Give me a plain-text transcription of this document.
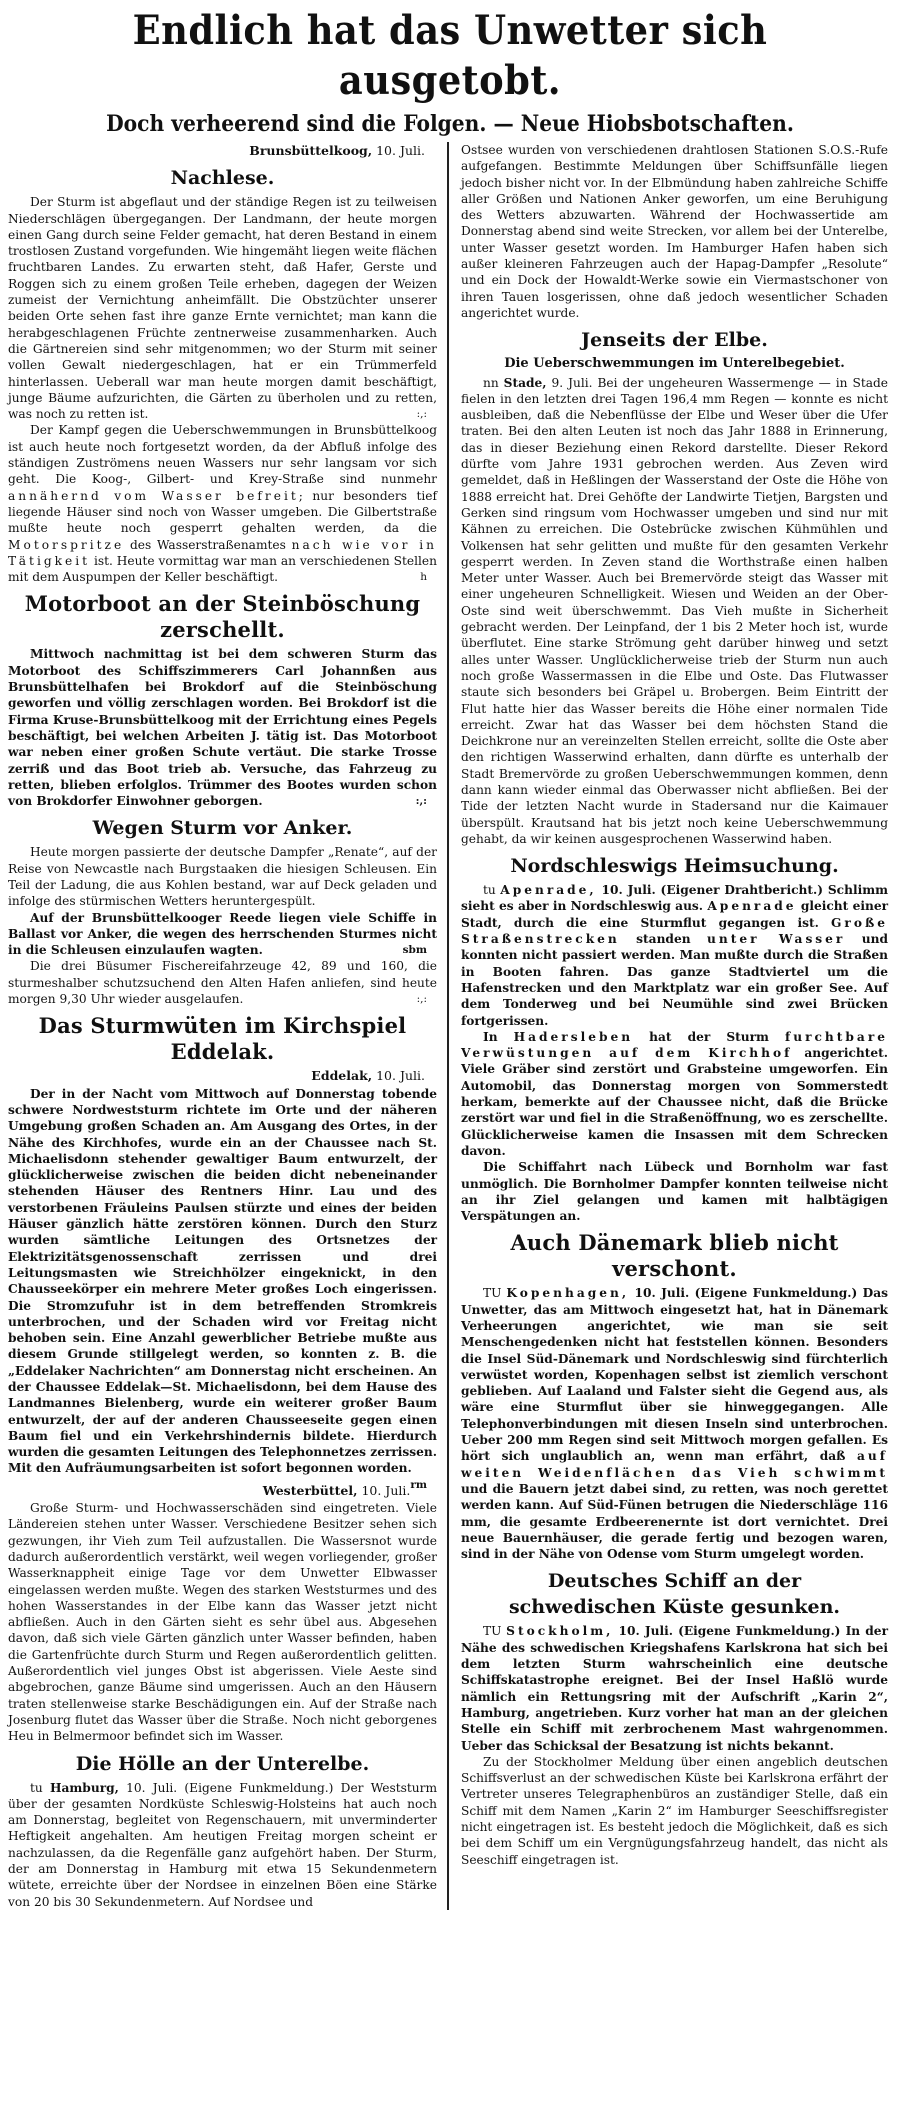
Endlich hat das Unwetter sich ausgetobt.
Doch verheerend sind die Folgen. — Neue Hiobsbotschaften.
Brunsbüttelkoog, 10. Juli.
Nachlese.

Der Sturm ist abgeflaut und der ständige Regen ist zu teilweisen Niederschlägen übergegangen. Der Landmann, der heute morgen einen Gang durch seine Felder gemacht, hat deren Bestand in einem trostlosen Zustand vorgefunden. Wie hingemäht liegen weite flächen fruchtbaren Landes. Zu erwarten steht, daß Hafer, Gerste und Roggen sich zu einem großen Teile erheben, dagegen der Weizen zumeist der Vernichtung anheimfällt. Die Obstzüchter unserer beiden Orte sehen fast ihre ganze Ernte vernichtet; man kann die herabgeschlagenen Früchte zentnerweise zusammenharken. Auch die Gärtnereien sind sehr mitgenommen; wo der Sturm mit seiner vollen Gewalt niedergeschlagen, hat er ein Trümmerfeld hinterlassen. Ueberall war man heute morgen damit beschäftigt, junge Bäume aufzurichten, die Gärten zu überholen und zu retten, was noch zu retten ist.	:,:

Der Kampf gegen die Ueberschwemmungen in Brunsbüttelkoog ist auch heute noch fortgesetzt worden, da der Abfluß infolge des ständigen Zuströmens neuen Wassers nur sehr langsam vor sich geht. Die Koog-, Gilbert- und Krey-Straße sind nunmehr annähernd vom Wasser befreit; nur besonders tief liegende Häuser sind noch von Wasser umgeben. Die Gilbertstraße mußte heute noch gesperrt gehalten werden, da die Motorspritze des Wasserstraßenamtes nach wie vor in Tätigkeit ist. Heute vormittag war man an verschiedenen Stellen mit dem Auspumpen der Keller beschäftigt.	h

Motorboot an der Steinböschung zerschellt.

Mittwoch nachmittag ist bei dem schweren Sturm das Motorboot des Schiffszimmerers Carl Johannßen aus Brunsbüttelhafen bei Brokdorf auf die Steinböschung geworfen und völlig zerschlagen worden. Bei Brokdorf ist die Firma Kruse-Brunsbüttelkoog mit der Errichtung eines Pegels beschäftigt, bei welchen Arbeiten J. tätig ist. Das Motorboot war neben einer großen Schute vertäut. Die starke Trosse zerriß und das Boot trieb ab. Versuche, das Fahrzeug zu retten, blieben erfolglos. Trümmer des Bootes wurden schon von Brokdorfer Einwohner geborgen.	:,:

Wegen Sturm vor Anker.

Heute morgen passierte der deutsche Dampfer „Renate“, auf der Reise von Newcastle nach Burgstaaken die hiesigen Schleusen. Ein Teil der Ladung, die aus Kohlen bestand, war auf Deck geladen und infolge des stürmischen Wetters heruntergespült.

Auf der Brunsbüttelkooger Reede liegen viele Schiffe in Ballast vor Anker, die wegen des herrschenden Sturmes nicht in die Schleusen einzulaufen wagten.	sbm

Die drei Büsumer Fischereifahrzeuge 42, 89 und 160, die sturmeshalber schutzsuchend den Alten Hafen anliefen, sind heute morgen 9,30 Uhr wieder ausgelaufen.	:,:

Das Sturmwüten im Kirchspiel Eddelak.
Eddelak, 10. Juli.

Der in der Nacht vom Mittwoch auf Donnerstag tobende schwere Nordweststurm richtete im Orte und der näheren Umgebung großen Schaden an. Am Ausgang des Ortes, in der Nähe des Kirchhofes, wurde ein an der Chaussee nach St. Michaelisdonn stehender gewaltiger Baum entwurzelt, der glücklicherweise zwischen die beiden dicht nebeneinander stehenden Häuser des Rentners Hinr. Lau und des verstorbenen Fräuleins Paulsen stürzte und eines der beiden Häuser gänzlich hätte zerstören können. Durch den Sturz wurden sämtliche Leitungen des Ortsnetzes der Elektrizitätsgenossenschaft zerrissen und drei Leitungsmasten wie Streichhölzer eingeknickt, in den Chausseekörper ein mehrere Meter großes Loch eingerissen. Die Stromzufuhr ist in dem betreffenden Stromkreis unterbrochen, und der Schaden wird vor Freitag nicht behoben sein. Eine Anzahl gewerblicher Betriebe mußte aus diesem Grunde stillgelegt werden, so konnten z. B. die „Eddelaker Nachrichten“ am Donnerstag nicht erscheinen. An der Chaussee Eddelak—St. Michaelisdonn, bei dem Hause des Landmannes Bielenberg, wurde ein weiterer großer Baum entwurzelt, der auf der anderen Chausseeseite gegen einen Baum fiel und ein Verkehrshindernis bildete. Hierdurch wurden die gesamten Leitungen des Telephonnetzes zerrissen. Mit den Aufräumungsarbeiten ist sofort begonnen worden.
rm

Westerbüttel, 10. Juli.

Große Sturm- und Hochwasserschäden sind eingetreten. Viele Ländereien stehen unter Wasser. Verschiedene Besitzer sehen sich gezwungen, ihr Vieh zum Teil aufzustallen. Die Wassersnot wurde dadurch außerordentlich verstärkt, weil wegen vorliegender, großer Wasserknappheit einige Tage vor dem Unwetter Elbwasser eingelassen werden mußte. Wegen des starken Weststurmes und des hohen Wasserstandes in der Elbe kann das Wasser jetzt nicht abfließen. Auch in den Gärten sieht es sehr übel aus. Abgesehen davon, daß sich viele Gärten gänzlich unter Wasser befinden, haben die Gartenfrüchte durch Sturm und Regen außerordentlich gelitten. Außerordentlich viel junges Obst ist abgerissen. Viele Aeste sind abgebrochen, ganze Bäume sind umgerissen. Auch an den Häusern traten stellenweise starke Beschädigungen ein. Auf der Straße nach Josenburg flutet das Wasser über die Straße. Noch nicht geborgenes Heu in Belmermoor befindet sich im Wasser.

Die Hölle an der Unterelbe.

tu Hamburg, 10. Juli. (Eigene Funkmeldung.) Der Weststurm über der gesamten Nordküste Schleswig-Holsteins hat auch noch am Donnerstag, begleitet von Regenschauern, mit unverminderter Heftigkeit angehalten. Am heutigen Freitag morgen scheint er nachzulassen, da die Regenfälle ganz aufgehört haben. Der Sturm, der am Donnerstag in Hamburg mit etwa 15 Sekundenmetern wütete, erreichte über der Nordsee in einzelnen Böen eine Stärke von 20 bis 30 Sekundenmetern. Auf Nordsee und

Ostsee wurden von verschiedenen drahtlosen Stationen S.O.S.-Rufe aufgefangen. Bestimmte Meldungen über Schiffsunfälle liegen jedoch bisher nicht vor. In der Elbmündung haben zahlreiche Schiffe aller Größen und Nationen Anker geworfen, um eine Beruhigung des Wetters abzuwarten. Während der Hochwassertide am Donnerstag abend sind weite Strecken, vor allem bei der Unterelbe, unter Wasser gesetzt worden. Im Hamburger Hafen haben sich außer kleineren Fahrzeugen auch der Hapag-Dampfer „Resolute“ und ein Dock der Howaldt-Werke sowie ein Viermastschoner von ihren Tauen losgerissen, ohne daß jedoch wesentlicher Schaden angerichtet wurde.

Jenseits der Elbe.
Die Ueberschwemmungen im Unterelbegebiet.

nn Stade, 9. Juli. Bei der ungeheuren Wassermenge — in Stade fielen in den letzten drei Tagen 196,4 mm Regen — konnte es nicht ausbleiben, daß die Nebenflüsse der Elbe und Weser über die Ufer traten. Bei den alten Leuten ist noch das Jahr 1888 in Erinnerung, das in dieser Beziehung einen Rekord darstellte. Dieser Rekord dürfte vom Jahre 1931 gebrochen werden. Aus Zeven wird gemeldet, daß in Heßlingen der Wasserstand der Oste die Höhe von 1888 erreicht hat. Drei Gehöfte der Landwirte Tietjen, Bargsten und Gerken sind ringsum vom Hochwasser umgeben und sind nur mit Kähnen zu erreichen. Die Ostebrücke zwischen Kühmühlen und Volkensen hat sehr gelitten und mußte für den gesamten Verkehr gesperrt werden. In Zeven stand die Worthstraße einen halben Meter unter Wasser. Auch bei Bremervörde steigt das Wasser mit einer ungeheuren Schnelligkeit. Wiesen und Weiden an der Ober-Oste sind weit überschwemmt. Das Vieh mußte in Sicherheit gebracht werden. Der Leinpfand, der 1 bis 2 Meter hoch ist, wurde überflutet. Eine starke Strömung geht darüber hinweg und setzt alles unter Wasser. Unglücklicherweise trieb der Sturm nun auch noch große Wassermassen in die Elbe und Oste. Das Flutwasser staute sich besonders bei Gräpel u. Brobergen. Beim Eintritt der Flut hatte hier das Wasser bereits die Höhe einer normalen Tide erreicht. Zwar hat das Wasser bei dem höchsten Stand die Deichkrone nur an vereinzelten Stellen erreicht, sollte die Oste aber den richtigen Wasserwind erhalten, dann dürfte es unterhalb der Stadt Bremervörde zu großen Ueberschwemmungen kommen, denn dann kann wieder einmal das Oberwasser nicht abfließen. Bei der Tide der letzten Nacht wurde in Stadersand nur die Kaimauer überspült. Krautsand hat bis jetzt noch keine Ueberschwemmung gehabt, da wir keinen ausgesprochenen Wasserwind haben.

Nordschleswigs Heimsuchung.

tu Apenrade, 10. Juli. (Eigener Drahtbericht.) Schlimm sieht es aber in Nordschleswig aus. Apenrade gleicht einer Stadt, durch die eine Sturmflut gegangen ist. Große Straßenstrecken standen unter Wasser und konnten nicht passiert werden. Man mußte durch die Straßen in Booten fahren. Das ganze Stadtviertel um die Hafenstrecken und den Marktplatz war ein großer See. Auf dem Tonderweg und bei Neumühle sind zwei Brücken fortgerissen.

In Hadersleben hat der Sturm furchtbare Verwüstungen auf dem Kirchhof angerichtet. Viele Gräber sind zerstört und Grabsteine umgeworfen. Ein Automobil, das Donnerstag morgen von Sommerstedt herkam, bemerkte auf der Chaussee nicht, daß die Brücke zerstört war und fiel in die Straßenöffnung, wo es zerschellte. Glücklicherweise kamen die Insassen mit dem Schrecken davon.

Die Schiffahrt nach Lübeck und Bornholm war fast unmöglich. Die Bornholmer Dampfer konnten teilweise nicht an ihr Ziel gelangen und kamen mit halbtägigen Verspätungen an.

Auch Dänemark blieb nicht verschont.

TU Kopenhagen, 10. Juli. (Eigene Funkmeldung.) Das Unwetter, das am Mittwoch eingesetzt hat, hat in Dänemark Verheerungen angerichtet, wie man sie seit Menschengedenken nicht hat feststellen können. Besonders die Insel Süd-Dänemark und Nordschleswig sind fürchterlich verwüstet worden, Kopenhagen selbst ist ziemlich verschont geblieben. Auf Laaland und Falster sieht die Gegend aus, als wäre eine Sturmflut über sie hinweggegangen. Alle Telephonverbindungen mit diesen Inseln sind unterbrochen. Ueber 200 mm Regen sind seit Mittwoch morgen gefallen. Es hört sich unglaublich an, wenn man erfährt, daß auf weiten Weidenflächen das Vieh schwimmt und die Bauern jetzt dabei sind, zu retten, was noch gerettet werden kann. Auf Süd-Fünen betrugen die Niederschläge 116 mm, die gesamte Erdbeerenernte ist dort vernichtet. Drei neue Bauernhäuser, die gerade fertig und bezogen waren, sind in der Nähe von Odense vom Sturm umgelegt worden.

Deutsches Schiff an der schwedischen Küste gesunken.

TU Stockholm, 10. Juli. (Eigene Funkmeldung.) In der Nähe des schwedischen Kriegshafens Karlskrona hat sich bei dem letzten Sturm wahrscheinlich eine deutsche Schiffskatastrophe ereignet. Bei der Insel Haßlö wurde nämlich ein Rettungsring mit der Aufschrift „Karin 2“, Hamburg, angetrieben. Kurz vorher hat man an der gleichen Stelle ein Schiff mit zerbrochenem Mast wahrgenommen. Ueber das Schicksal der Besatzung ist nichts bekannt.

Zu der Stockholmer Meldung über einen angeblich deutschen Schiffsverlust an der schwedischen Küste bei Karlskrona erfährt der Vertreter unseres Telegraphenbüros an zuständiger Stelle, daß ein Schiff mit dem Namen „Karin 2“ im Hamburger Seeschiffsregister nicht eingetragen ist. Es besteht jedoch die Möglichkeit, daß es sich bei dem Schiff um ein Vergnügungsfahrzeug handelt, das nicht als Seeschiff eingetragen ist.
